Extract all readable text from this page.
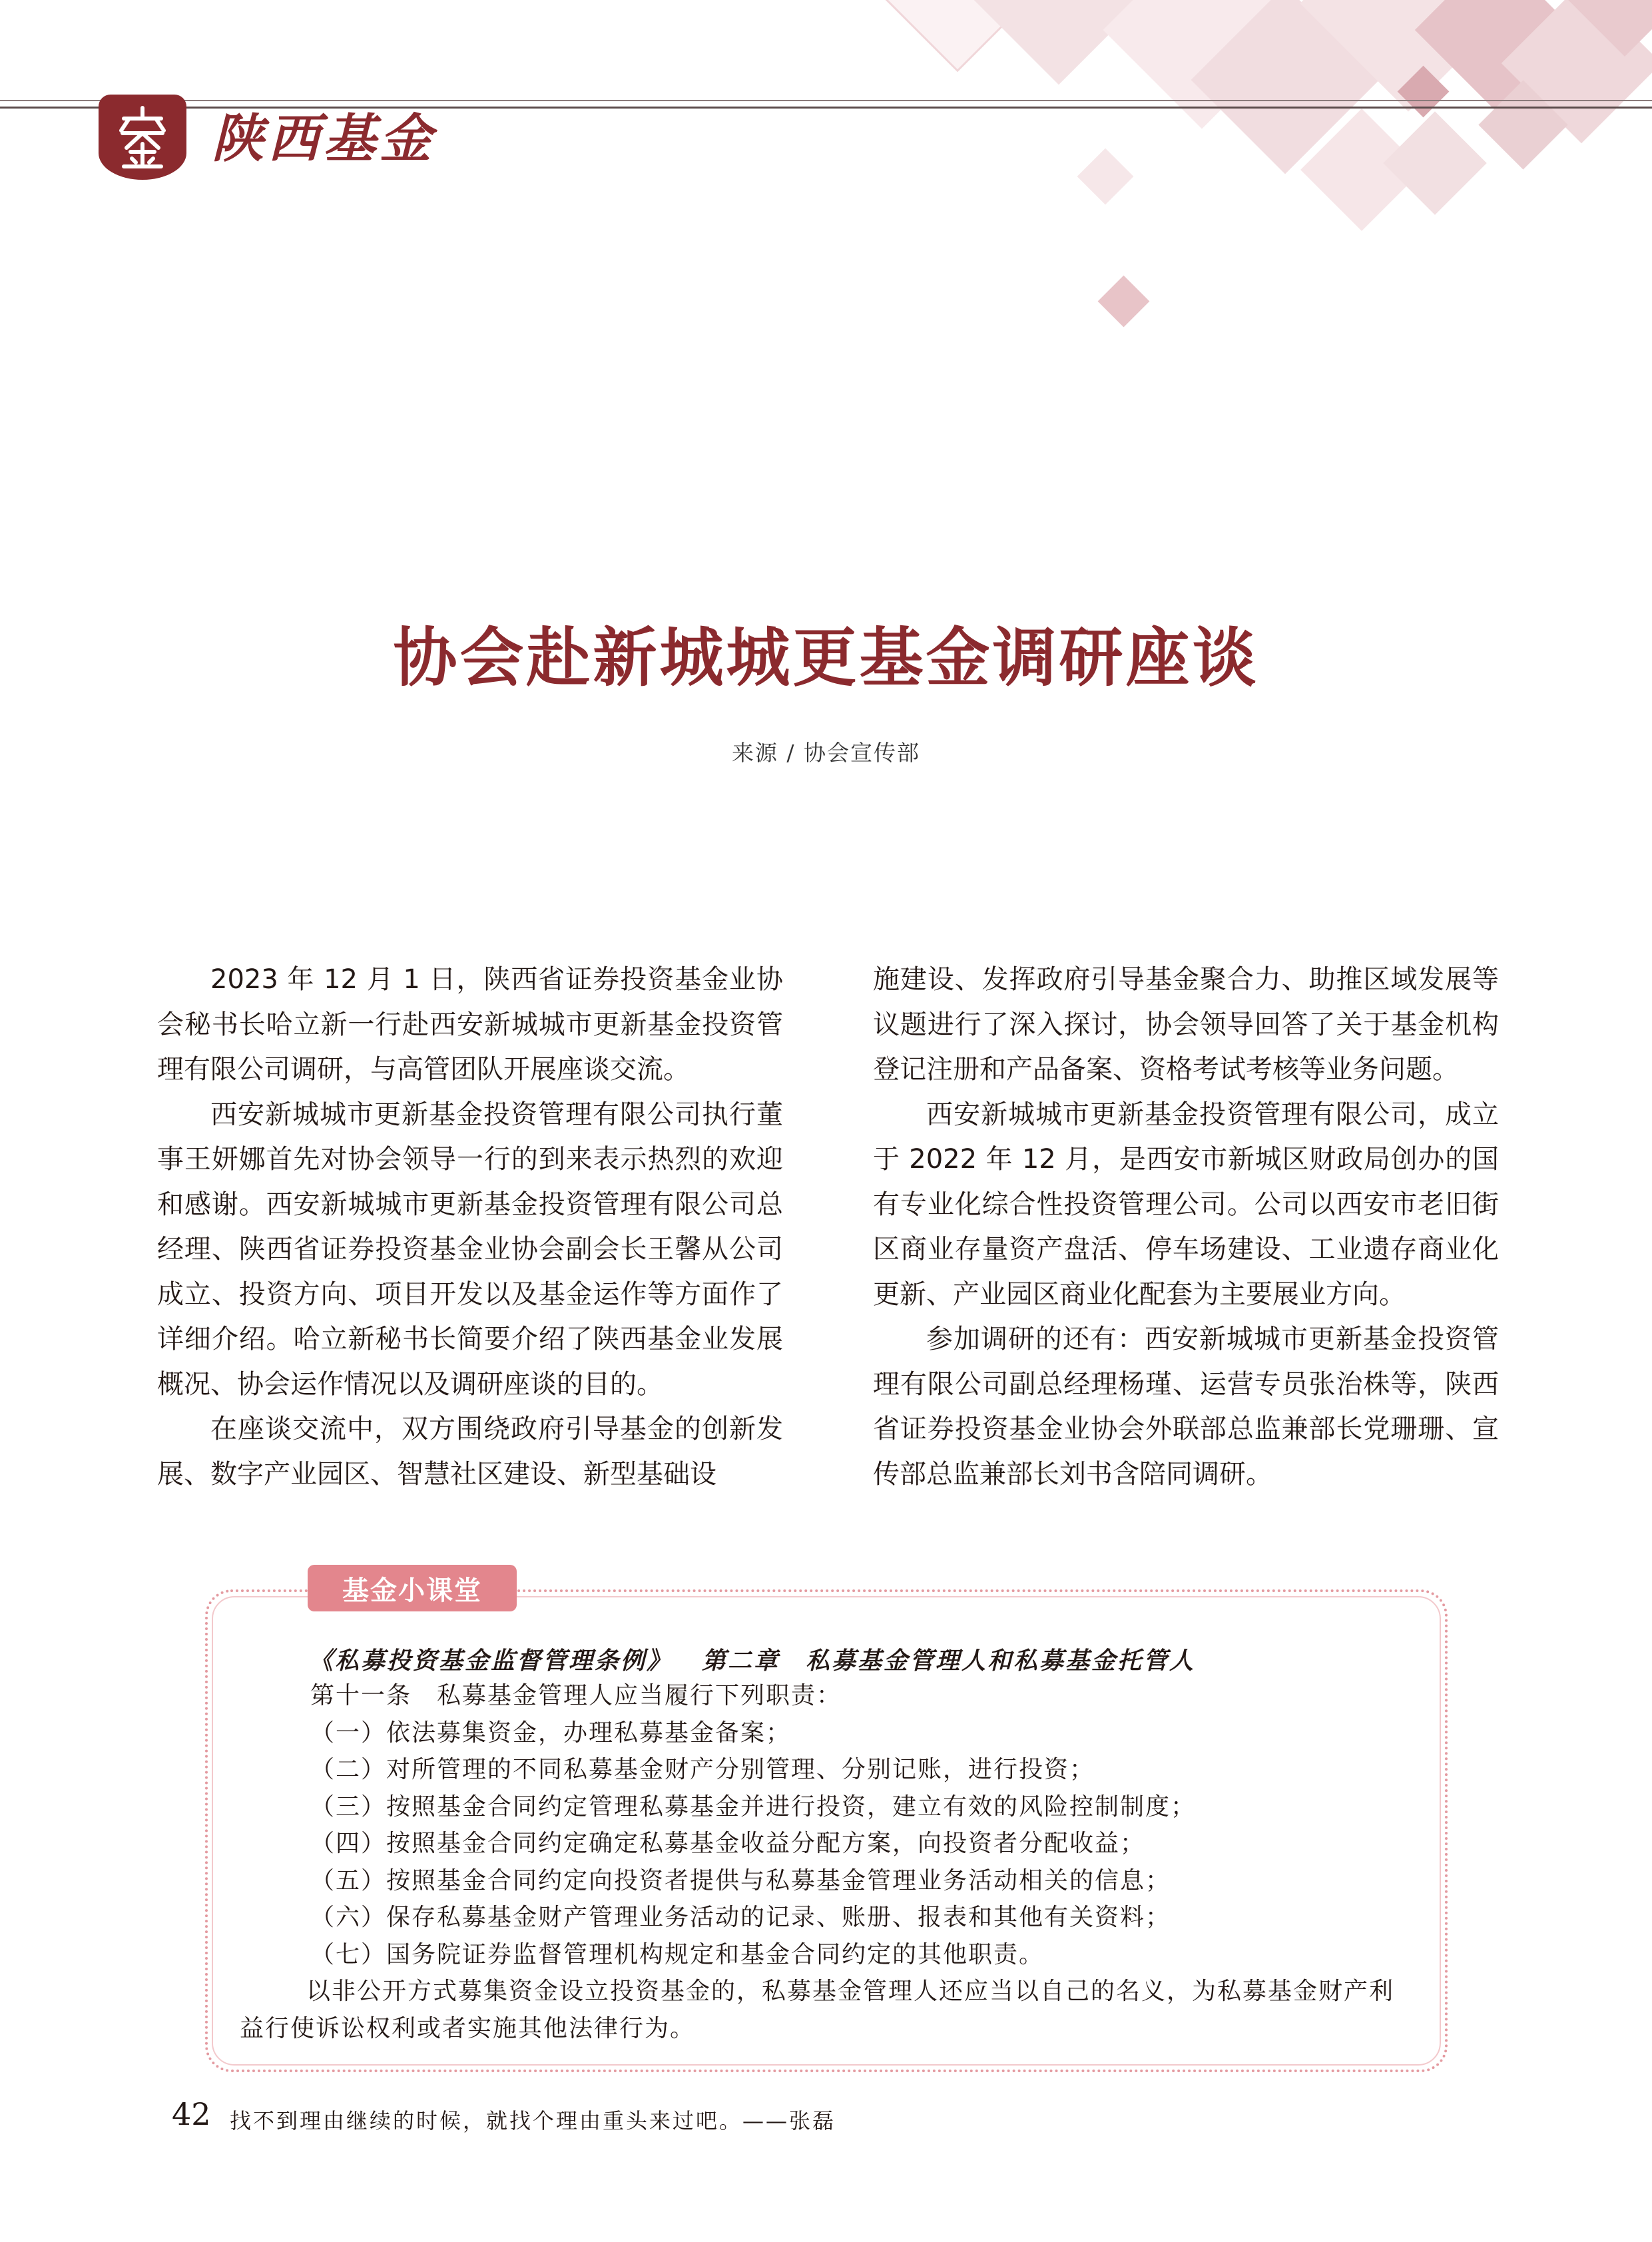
陕西基金
协会赴新城城更基金调研座谈
来源 / 协会宣传部

2023 年 12 月 1 日，陕西省证券投资基金业协会秘书长哈立新一行赴西安新城城市更新基金投资管理有限公司调研，与高管团队开展座谈交流。

西安新城城市更新基金投资管理有限公司执行董事王妍娜首先对协会领导一行的到来表示热烈的欢迎和感谢。西安新城城市更新基金投资管理有限公司总经理、陕西省证券投资基金业协会副会长王馨从公司成立、投资方向、项目开发以及基金运作等方面作了详细介绍。哈立新秘书长简要介绍了陕西基金业发展概况、协会运作情况以及调研座谈的目的。

在座谈交流中，双方围绕政府引导基金的创新发展、数字产业园区、智慧社区建设、新型基础设

施建设、发挥政府引导基金聚合力、助推区域发展等议题进行了深入探讨，协会领导回答了关于基金机构登记注册和产品备案、资格考试考核等业务问题。

西安新城城市更新基金投资管理有限公司，成立于 2022 年 12 月，是西安市新城区财政局创办的国有专业化综合性投资管理公司。公司以西安市老旧街区商业存量资产盘活、停车场建设、工业遗存商业化更新、产业园区商业化配套为主要展业方向。

参加调研的还有：西安新城城市更新基金投资管理有限公司副总经理杨瑾、运营专员张治株等，陕西省证券投资基金业协会外联部总监兼部长党珊珊、宣传部总监兼部长刘书含陪同调研。

基金小课堂
《私募投资基金监督管理条例》 第二章　私募基金管理人和私募基金托管人
第十一条　私募基金管理人应当履行下列职责：
（一）依法募集资金，办理私募基金备案；
（二）对所管理的不同私募基金财产分别管理、分别记账，进行投资；
（三）按照基金合同约定管理私募基金并进行投资，建立有效的风险控制制度；
（四）按照基金合同约定确定私募基金收益分配方案，向投资者分配收益；
（五）按照基金合同约定向投资者提供与私募基金管理业务活动相关的信息；
（六）保存私募基金财产管理业务活动的记录、账册、报表和其他有关资料；
（七）国务院证券监督管理机构规定和基金合同约定的其他职责。
以非公开方式募集资金设立投资基金的，私募基金管理人还应当以自己的名义，为私募基金财产利益行使诉讼权利或者实施其他法律行为。
42 找不到理由继续的时候，就找个理由重头来过吧。——张磊
